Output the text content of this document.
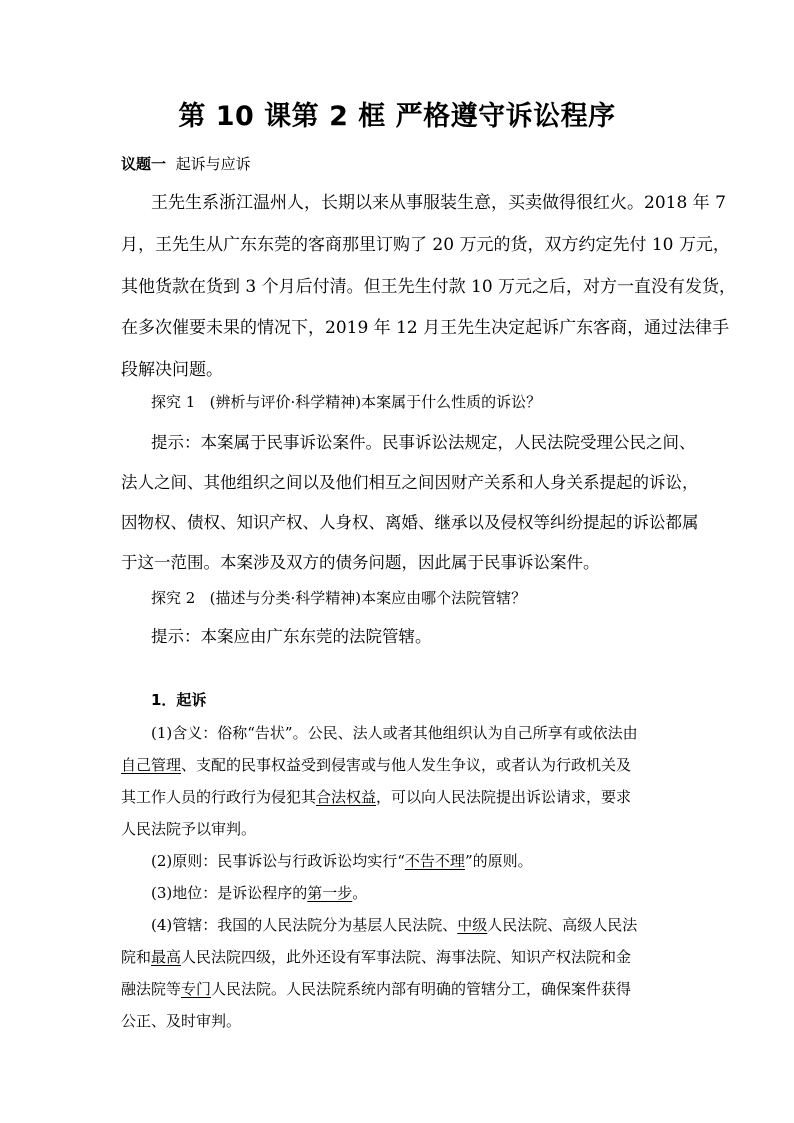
第 10 课第 2 框 严格遵守诉讼程序
议题一 起诉与应诉
王先生系浙江温州人，长期以来从事服装生意，买卖做得很红火。2018 年 7
月，王先生从广东东莞的客商那里订购了 20 万元的货，双方约定先付 10 万元，
其他货款在货到 3 个月后付清。但王先生付款 10 万元之后，对方一直没有发货，
在多次催要未果的情况下，2019 年 12 月王先生决定起诉广东客商，通过法律手
段解决问题。
探究 1 (辨析与评价·科学精神)本案属于什么性质的诉讼？
提示：本案属于民事诉讼案件。民事诉讼法规定，人民法院受理公民之间、
法人之间、其他组织之间以及他们相互之间因财产关系和人身关系提起的诉讼，
因物权、债权、知识产权、人身权、离婚、继承以及侵权等纠纷提起的诉讼都属
于这一范围。本案涉及双方的债务问题，因此属于民事诉讼案件。
探究 2 (描述与分类·科学精神)本案应由哪个法院管辖？
提示：本案应由广东东莞的法院管辖。
1．起诉
(1)含义：俗称“告状”。公民、法人或者其他组织认为自己所享有或依法由
自己管理、支配的民事权益受到侵害或与他人发生争议，或者认为行政机关及
其工作人员的行政行为侵犯其合法权益，可以向人民法院提出诉讼请求，要求
人民法院予以审判。
(2)原则：民事诉讼与行政诉讼均实行“不告不理”的原则。
(3)地位：是诉讼程序的第一步。
(4)管辖：我国的人民法院分为基层人民法院、中级人民法院、高级人民法
院和最高人民法院四级，此外还设有军事法院、海事法院、知识产权法院和金
融法院等专门人民法院。人民法院系统内部有明确的管辖分工，确保案件获得
公正、及时审判。
